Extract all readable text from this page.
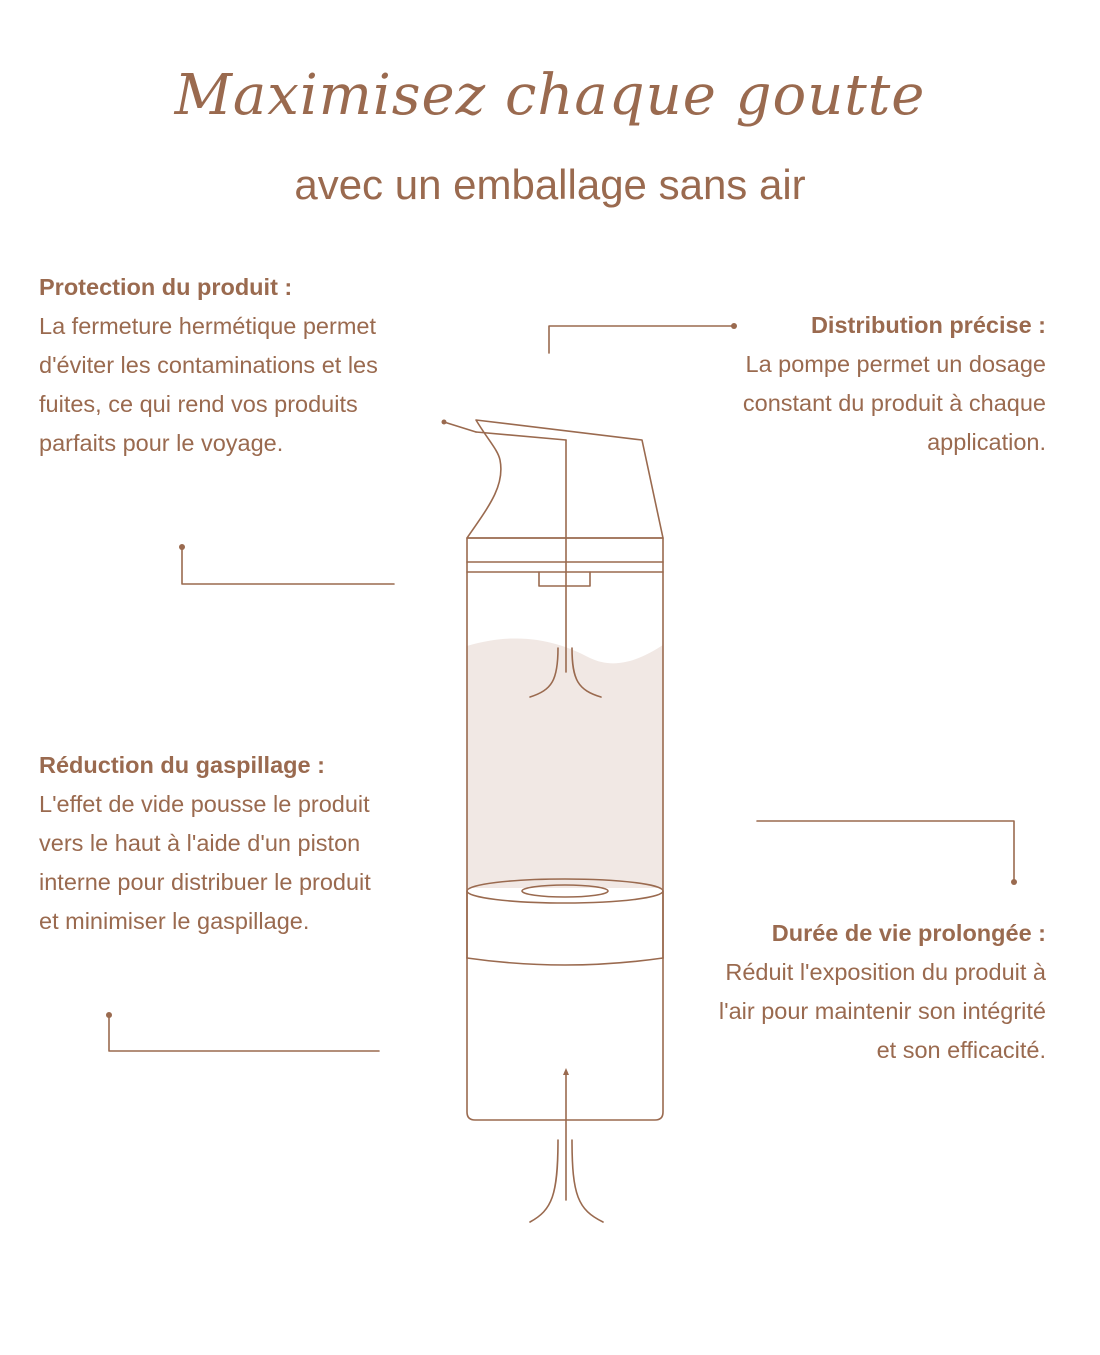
Maximisez chaque goutte
avec un emballage sans air
Protection du produit :
La fermeture hermétique permet d'éviter les contaminations et les fuites, ce qui rend vos produits parfaits pour le voyage.
Distribution précise :
La pompe permet un dosage constant du produit à chaque application.
Réduction du gaspillage :
L'effet de vide pousse le produit vers le haut à l'aide d'un piston interne pour distribuer le produit et minimiser le gaspillage.	Durée de vie prolongée :
Réduit l'exposition du produit à l'air pour maintenir son intégrité et son efficacité.
